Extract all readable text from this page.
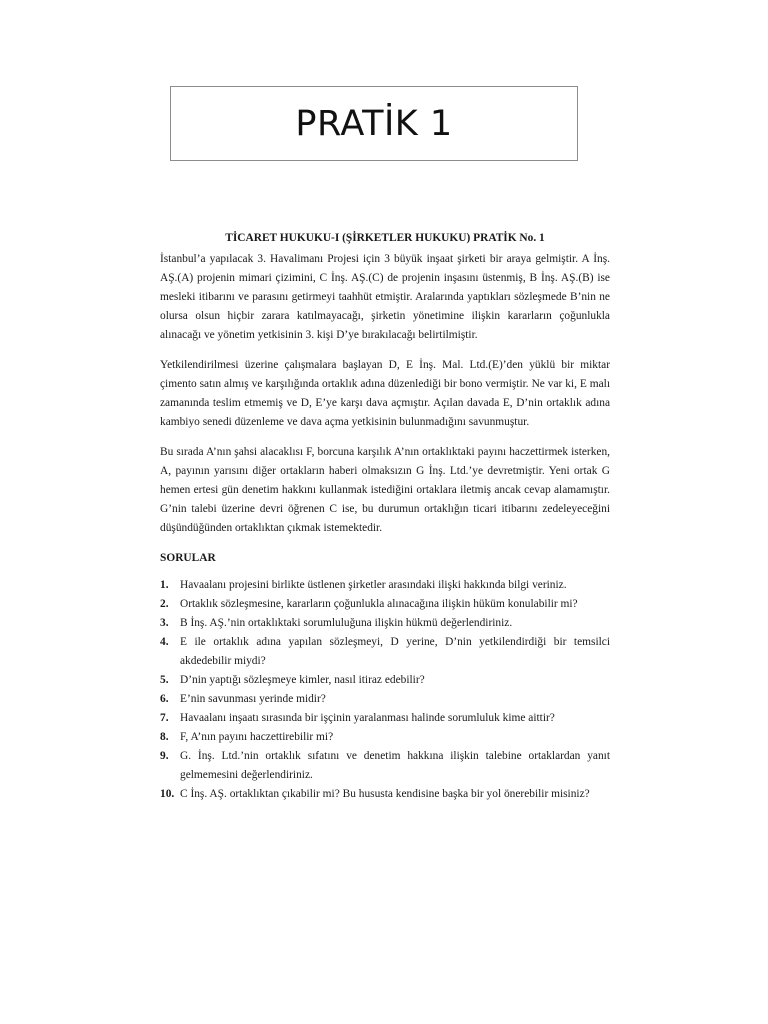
PRATİK 1
TİCARET HUKUKU-I (ŞİRKETLER HUKUKU) PRATİK No. 1

İstanbul’a yapılacak 3. Havalimanı Projesi için 3 büyük inşaat şirketi bir araya gelmiştir. A İnş. AŞ.(A) projenin mimari çizimini, C İnş. AŞ.(C) de projenin inşasını üstenmiş, B İnş. AŞ.(B) ise mesleki itibarını ve parasını getirmeyi taahhüt etmiştir. Aralarında yaptıkları sözleşmede B’nin ne olursa olsun hiçbir zarara katılmayacağı, şirketin yönetimine ilişkin kararların çoğunlukla alınacağı ve yönetim yetkisinin 3. kişi D’ye bırakılacağı belirtilmiştir.

Yetkilendirilmesi üzerine çalışmalara başlayan D, E İnş. Mal. Ltd.(E)’den yüklü bir miktar çimento satın almış ve karşılığında ortaklık adına düzenlediği bir bono vermiştir. Ne var ki, E malı zamanında teslim etmemiş ve D, E’ye karşı dava açmıştır. Açılan davada E, D’nin ortaklık adına kambiyo senedi düzenleme ve dava açma yetkisinin bulunmadığını savunmuştur.

Bu sırada A’nın şahsi alacaklısı F, borcuna karşılık A’nın ortaklıktaki payını haczettirmek isterken, A, payının yarısını diğer ortakların haberi olmaksızın G İnş. Ltd.’ye devretmiştir. Yeni ortak G hemen ertesi gün denetim hakkını kullanmak istediğini ortaklara iletmiş ancak cevap alamamıştır. G’nin talebi üzerine devri öğrenen C ise, bu durumun ortaklığın ticari itibarını zedeleyeceğini düşündüğünden ortaklıktan çıkmak istemektedir.

SORULAR
1.	Havaalanı projesini birlikte üstlenen şirketler arasındaki ilişki hakkında bilgi veriniz.
2.	Ortaklık sözleşmesine, kararların çoğunlukla alınacağına ilişkin hüküm konulabilir mi?
3.	B İnş. AŞ.’nin ortaklıktaki sorumluluğuna ilişkin hükmü değerlendiriniz.
4.	E ile ortaklık adına yapılan sözleşmeyi, D yerine, D’nin yetkilendirdiği bir temsilci akdedebilir miydi?
5.	D’nin yaptığı sözleşmeye kimler, nasıl itiraz edebilir?
6.	E’nin savunması yerinde midir?
7.	Havaalanı inşaatı sırasında bir işçinin yaralanması halinde sorumluluk kime aittir?
8.	F, A’nın payını haczettirebilir mi?
9.	G. İnş. Ltd.’nin ortaklık sıfatını ve denetim hakkına ilişkin talebine ortaklardan yanıt gelmemesini değerlendiriniz.
10. C İnş. AŞ. ortaklıktan çıkabilir mi? Bu hususta kendisine başka bir yol önerebilir misiniz?
